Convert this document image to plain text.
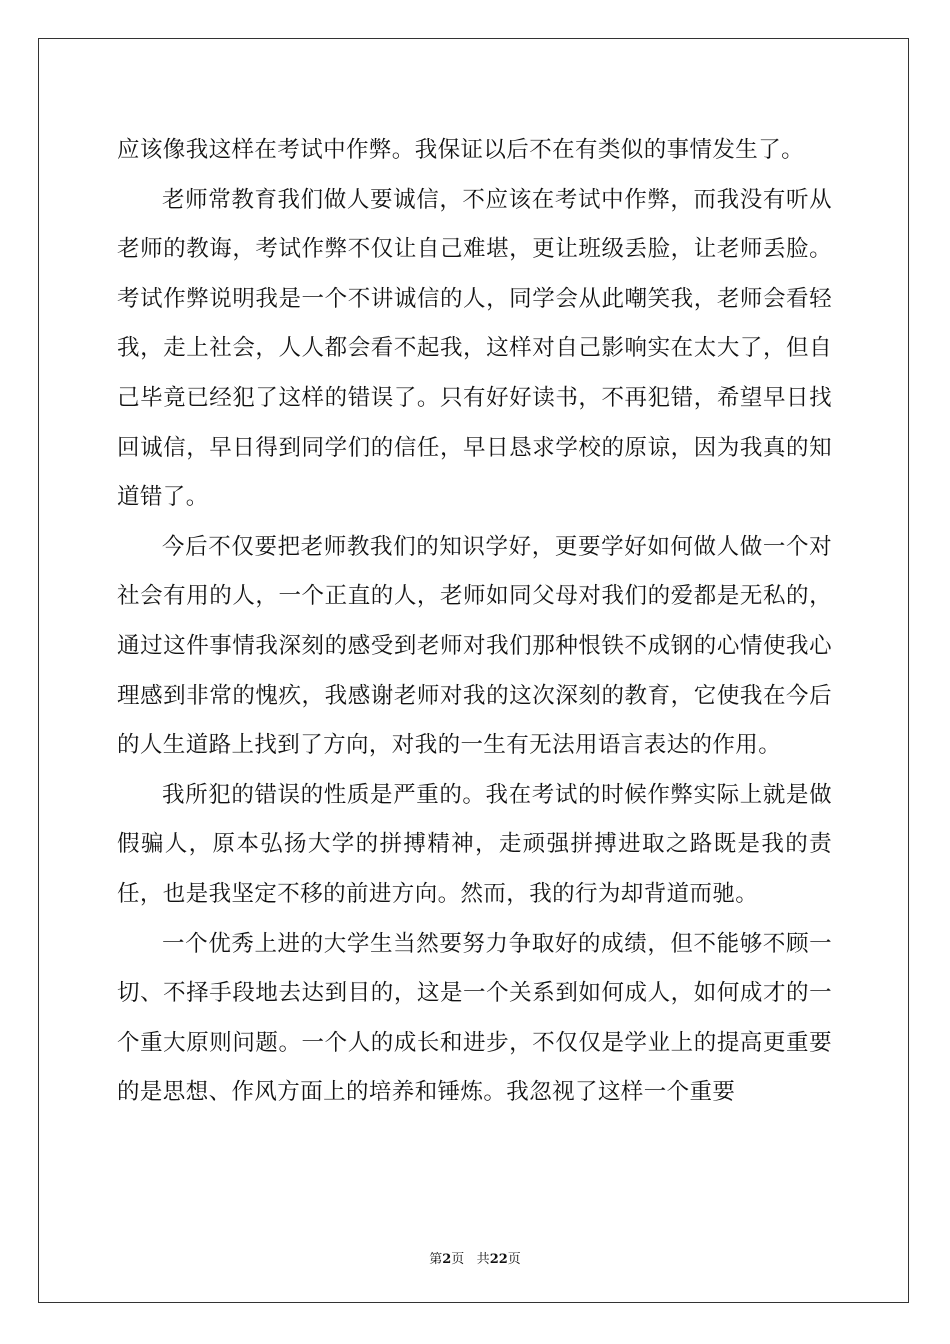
应该像我这样在考试中作弊。我保证以后不在有类似的事情发生了。

老师常教育我们做人要诚信，不应该在考试中作弊，而我没有听从老师的教诲，考试作弊不仅让自己难堪，更让班级丢脸，让老师丢脸。考试作弊说明我是一个不讲诚信的人，同学会从此嘲笑我，老师会看轻我，走上社会，人人都会看不起我，这样对自己影响实在太大了，但自己毕竟已经犯了这样的错误了。只有好好读书，不再犯错，希望早日找回诚信，早日得到同学们的信任，早日恳求学校的原谅，因为我真的知道错了。

今后不仅要把老师教我们的知识学好，更要学好如何做人做一个对社会有用的人，一个正直的人，老师如同父母对我们的爱都是无私的，通过这件事情我深刻的感受到老师对我们那种恨铁不成钢的心情使我心理感到非常的愧疚，我感谢老师对我的这次深刻的教育，它使我在今后的人生道路上找到了方向，对我的一生有无法用语言表达的作用。

我所犯的错误的性质是严重的。我在考试的时候作弊实际上就是做假骗人，原本弘扬大学的拼搏精神，走顽强拼搏进取之路既是我的责任，也是我坚定不移的前进方向。然而，我的行为却背道而驰。

一个优秀上进的大学生当然要努力争取好的成绩，但不能够不顾一切、不择手段地去达到目的，这是一个关系到如何成人，如何成才的一个重大原则问题。一个人的成长和进步，不仅仅是学业上的提高更重要的是思想、作风方面上的培养和锤炼。我忽视了这样一个重要

第2页 共22页
